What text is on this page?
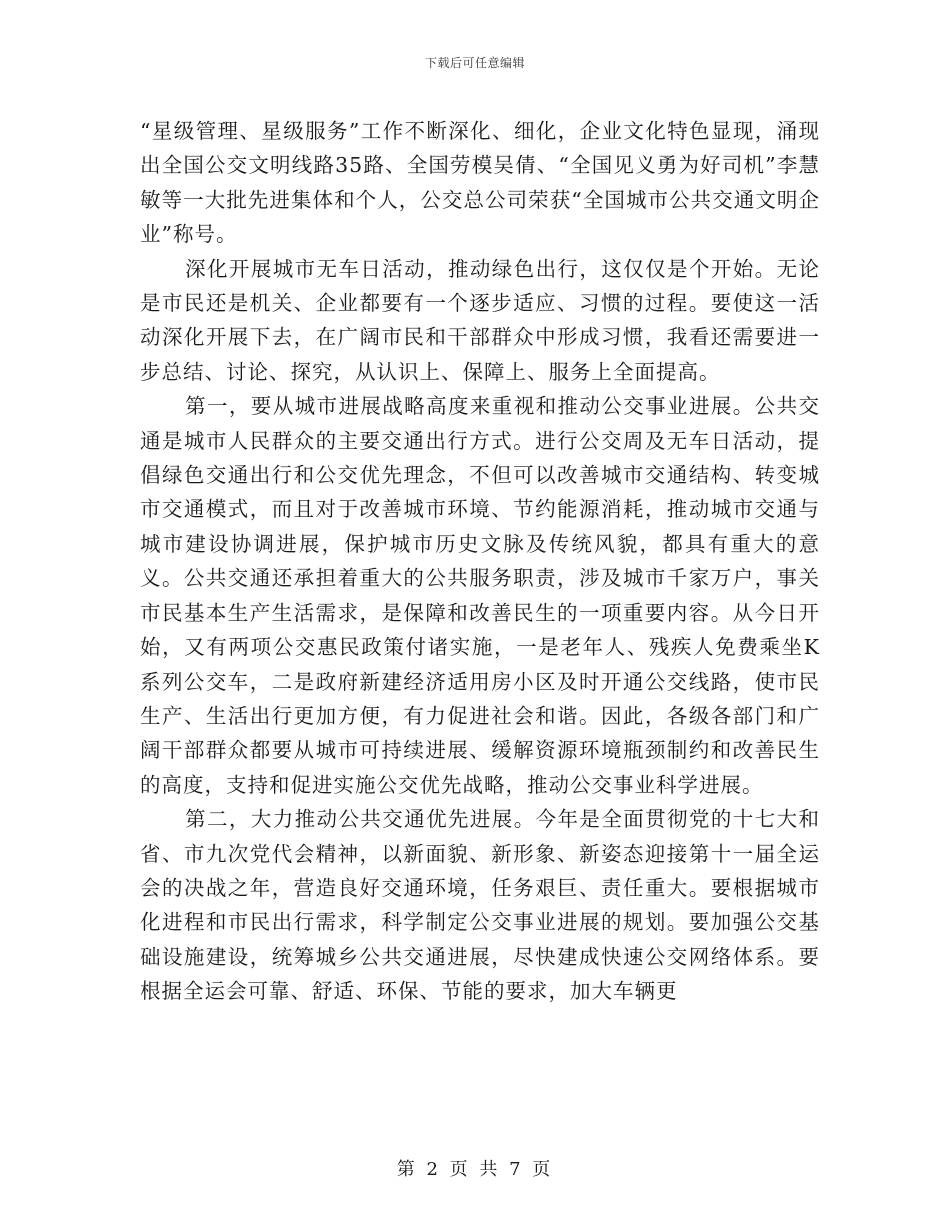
下载后可任意编辑

“星级管理、星级服务”工作不断深化、细化，企业文化特色显现，涌现出全国公交文明线路35路、全国劳模吴倩、“全国见义勇为好司机”李慧敏等一大批先进集体和个人，公交总公司荣获“全国城市公共交通文明企业”称号。

深化开展城市无车日活动，推动绿色出行，这仅仅是个开始。无论是市民还是机关、企业都要有一个逐步适应、习惯的过程。要使这一活动深化开展下去，在广阔市民和干部群众中形成习惯，我看还需要进一步总结、讨论、探究，从认识上、保障上、服务上全面提高。

第一，要从城市进展战略高度来重视和推动公交事业进展。公共交通是城市人民群众的主要交通出行方式。进行公交周及无车日活动，提倡绿色交通出行和公交优先理念，不但可以改善城市交通结构、转变城市交通模式，而且对于改善城市环境、节约能源消耗，推动城市交通与城市建设协调进展，保护城市历史文脉及传统风貌，都具有重大的意义。公共交通还承担着重大的公共服务职责，涉及城市千家万户，事关市民基本生产生活需求，是保障和改善民生的一项重要内容。从今日开始，又有两项公交惠民政策付诸实施，一是老年人、残疾人免费乘坐K系列公交车，二是政府新建经济适用房小区及时开通公交线路，使市民生产、生活出行更加方便，有力促进社会和谐。因此，各级各部门和广阔干部群众都要从城市可持续进展、缓解资源环境瓶颈制约和改善民生的高度，支持和促进实施公交优先战略，推动公交事业科学进展。

第二，大力推动公共交通优先进展。今年是全面贯彻党的十七大和省、市九次党代会精神，以新面貌、新形象、新姿态迎接第十一届全运会的决战之年，营造良好交通环境，任务艰巨、责任重大。要根据城市化进程和市民出行需求，科学制定公交事业进展的规划。要加强公交基础设施建设，统筹城乡公共交通进展，尽快建成快速公交网络体系。要根据全运会可靠、舒适、环保、节能的要求，加大车辆更

第 2 页 共 7 页
